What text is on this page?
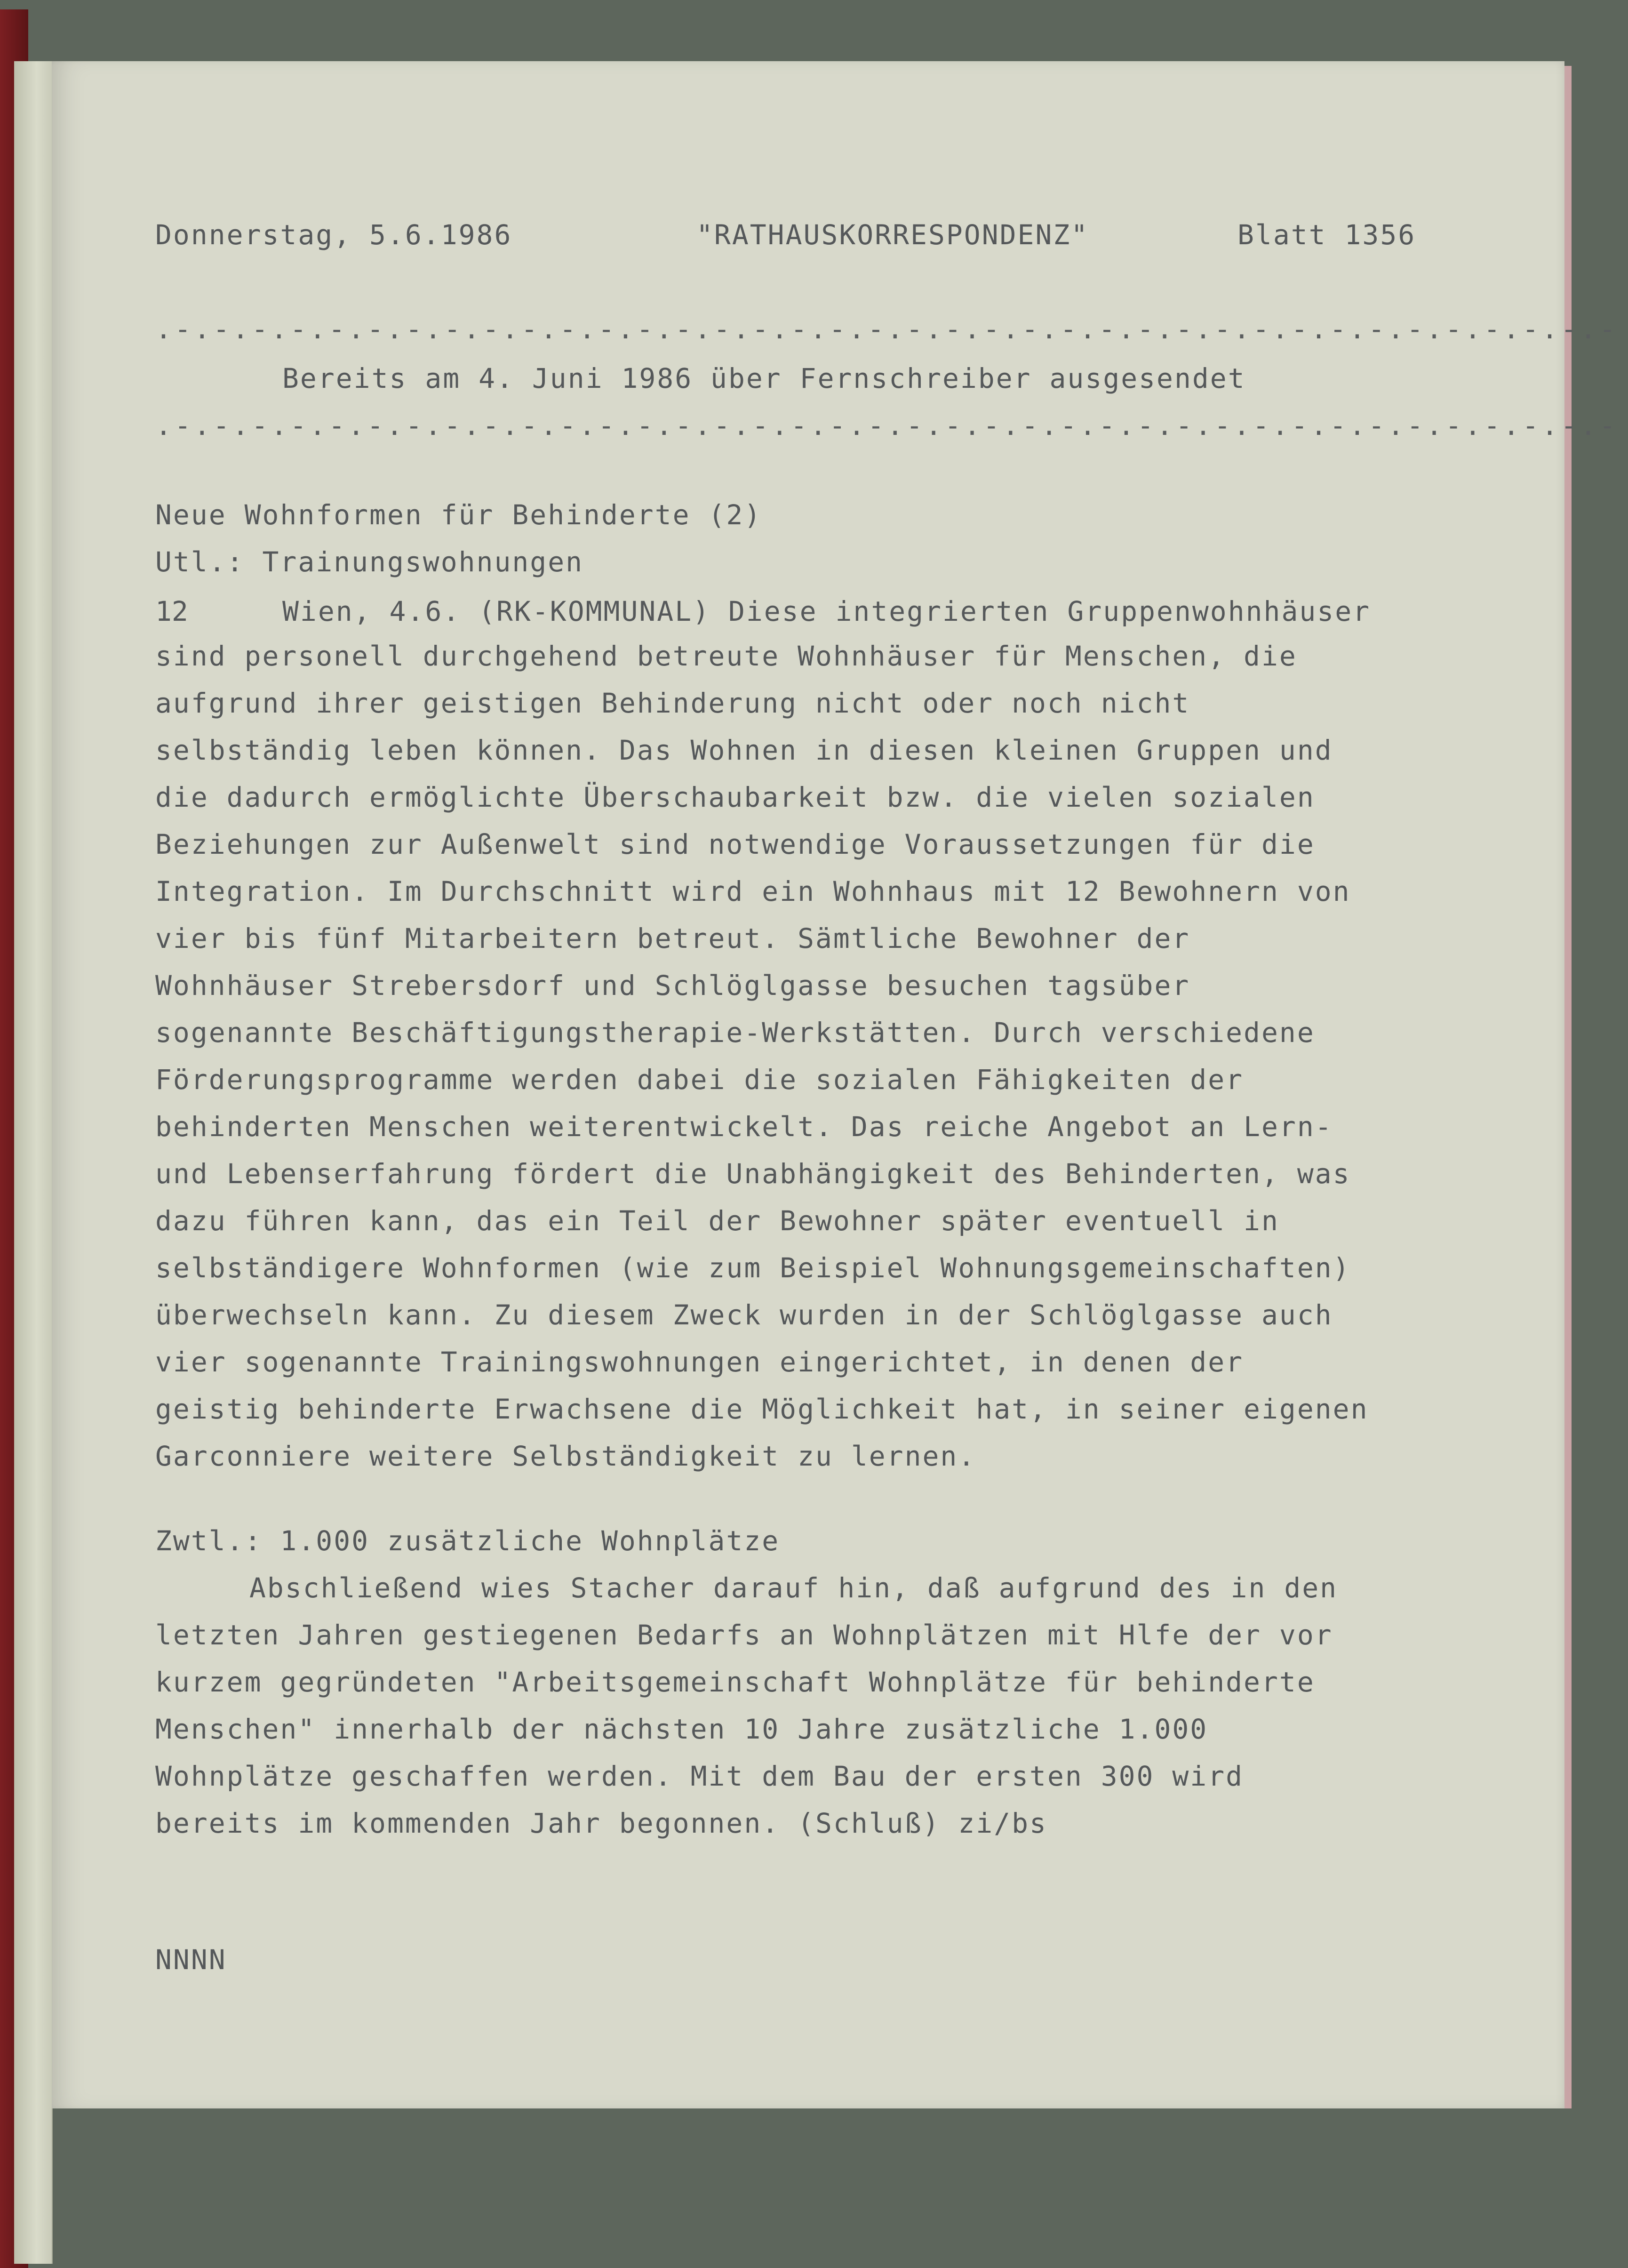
Donnerstag, 5.6.1986	"RATHAUSKORRESPONDENZ"	Blatt 1356
.-.-.-.-.-.-.-.-.-.-.-.-.-.-.-.-.-.-.-.-.-.-.-.-.-.-.-.-.-.-.-.-.-.-.-.-.-.-
Bereits am 4. Juni 1986 über Fernschreiber ausgesendet
.-.-.-.-.-.-.-.-.-.-.-.-.-.-.-.-.-.-.-.-.-.-.-.-.-.-.-.-.-.-.-.-.-.-.-.-.-.-
Neue Wohnformen für Behinderte (2)
Utl.: Trainungswohnungen
12	Wien, 4.6. (RK-KOMMUNAL) Diese integrierten Gruppenwohnhäuser
sind personell durchgehend betreute Wohnhäuser für Menschen, die
aufgrund ihrer geistigen Behinderung nicht oder noch nicht
selbständig leben können. Das Wohnen in diesen kleinen Gruppen und
die dadurch ermöglichte Überschaubarkeit bzw. die vielen sozialen
Beziehungen zur Außenwelt sind notwendige Voraussetzungen für die
Integration. Im Durchschnitt wird ein Wohnhaus mit 12 Bewohnern von
vier bis fünf Mitarbeitern betreut. Sämtliche Bewohner der
Wohnhäuser Strebersdorf und Schlöglgasse besuchen tagsüber
sogenannte Beschäftigungstherapie-Werkstätten. Durch verschiedene
Förderungsprogramme werden dabei die sozialen Fähigkeiten der
behinderten Menschen weiterentwickelt. Das reiche Angebot an Lern-
und Lebenserfahrung fördert die Unabhängigkeit des Behinderten, was
dazu führen kann, das ein Teil der Bewohner später eventuell in
selbständigere Wohnformen (wie zum Beispiel Wohnungsgemeinschaften)
überwechseln kann. Zu diesem Zweck wurden in der Schlöglgasse auch
vier sogenannte Trainingswohnungen eingerichtet, in denen der
geistig behinderte Erwachsene die Möglichkeit hat, in seiner eigenen
Garconniere weitere Selbständigkeit zu lernen.
Zwtl.: 1.000 zusätzliche Wohnplätze
Abschließend wies Stacher darauf hin, daß aufgrund des in den
letzten Jahren gestiegenen Bedarfs an Wohnplätzen mit Hlfe der vor
kurzem gegründeten "Arbeitsgemeinschaft Wohnplätze für behinderte
Menschen" innerhalb der nächsten 10 Jahre zusätzliche 1.000
Wohnplätze geschaffen werden. Mit dem Bau der ersten 300 wird
bereits im kommenden Jahr begonnen. (Schluß) zi/bs
NNNN
